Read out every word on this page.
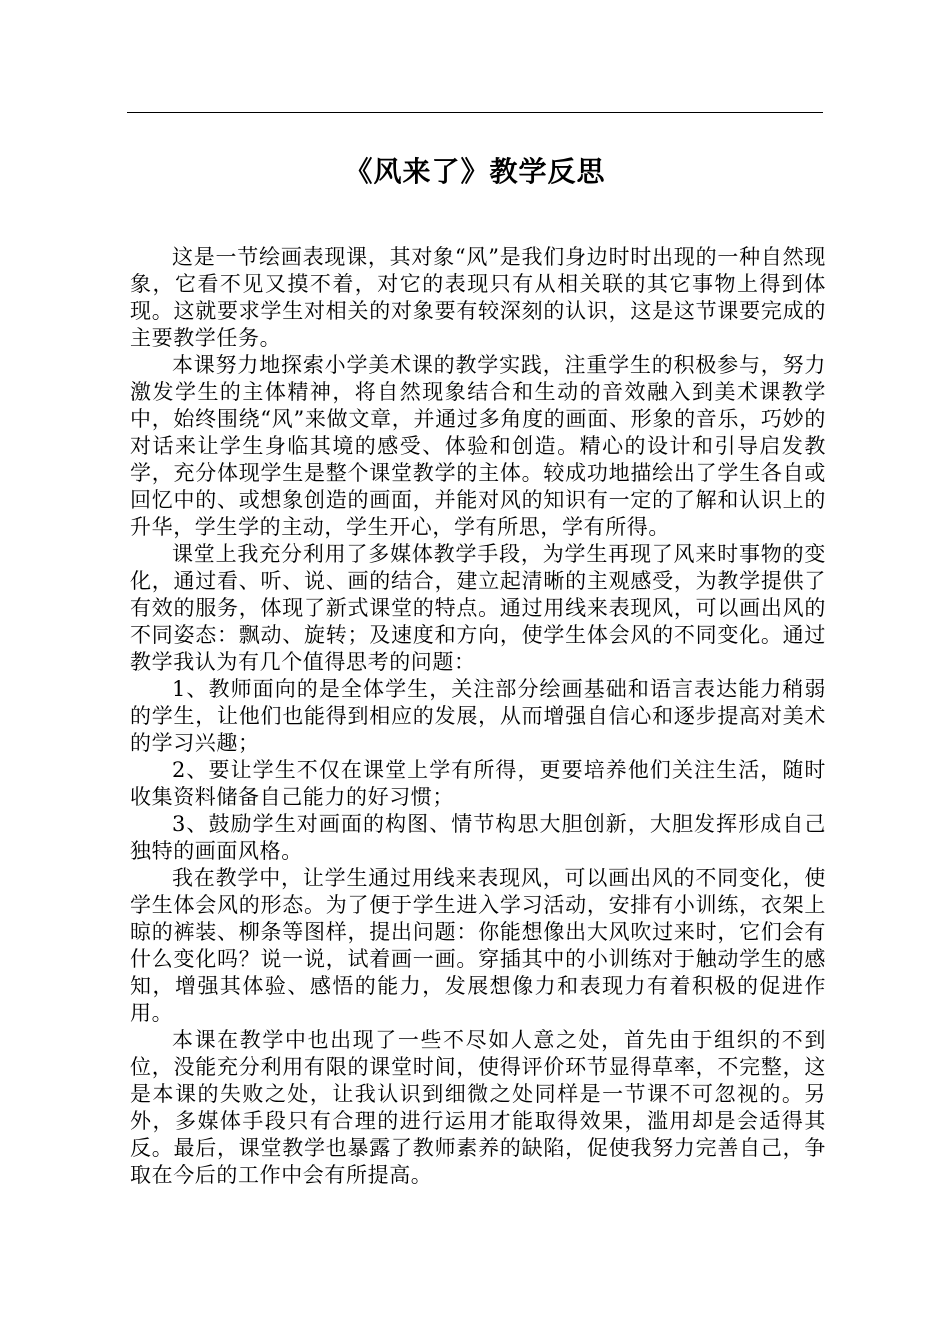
《风来了》教学反思

这是一节绘画表现课，其对象“风”是我们身边时时出现的一种自然现象，它看不见又摸不着，对它的表现只有从相关联的其它事物上得到体现。这就要求学生对相关的对象要有较深刻的认识，这是这节课要完成的主要教学任务。

本课努力地探索小学美术课的教学实践，注重学生的积极参与，努力激发学生的主体精神，将自然现象结合和生动的音效融入到美术课教学中，始终围绕“风”来做文章，并通过多角度的画面、形象的音乐，巧妙的对话来让学生身临其境的感受、体验和创造。精心的设计和引导启发教学，充分体现学生是整个课堂教学的主体。较成功地描绘出了学生各自或回忆中的、或想象创造的画面，并能对风的知识有一定的了解和认识上的升华，学生学的主动，学生开心，学有所思，学有所得。

课堂上我充分利用了多媒体教学手段，为学生再现了风来时事物的变化，通过看、听、说、画的结合，建立起清晰的主观感受，为教学提供了有效的服务，体现了新式课堂的特点。通过用线来表现风，可以画出风的不同姿态：飘动、旋转；及速度和方向，使学生体会风的不同变化。通过教学我认为有几个值得思考的问题：

1、教师面向的是全体学生，关注部分绘画基础和语言表达能力稍弱的学生，让他们也能得到相应的发展，从而增强自信心和逐步提高对美术的学习兴趣；

2、要让学生不仅在课堂上学有所得，更要培养他们关注生活，随时收集资料储备自己能力的好习惯；

3、鼓励学生对画面的构图、情节构思大胆创新，大胆发挥形成自己独特的画面风格。

我在教学中，让学生通过用线来表现风，可以画出风的不同变化，使学生体会风的形态。为了便于学生进入学习活动，安排有小训练，衣架上晾的裤装、柳条等图样，提出问题：你能想像出大风吹过来时，它们会有什么变化吗？说一说，试着画一画。穿插其中的小训练对于触动学生的感知，增强其体验、感悟的能力，发展想像力和表现力有着积极的促进作用。

本课在教学中也出现了一些不尽如人意之处，首先由于组织的不到位，没能充分利用有限的课堂时间，使得评价环节显得草率，不完整，这是本课的失败之处，让我认识到细微之处同样是一节课不可忽视的。另外，多媒体手段只有合理的进行运用才能取得效果，滥用却是会适得其反。最后，课堂教学也暴露了教师素养的缺陷，促使我努力完善自己，争取在今后的工作中会有所提高。
